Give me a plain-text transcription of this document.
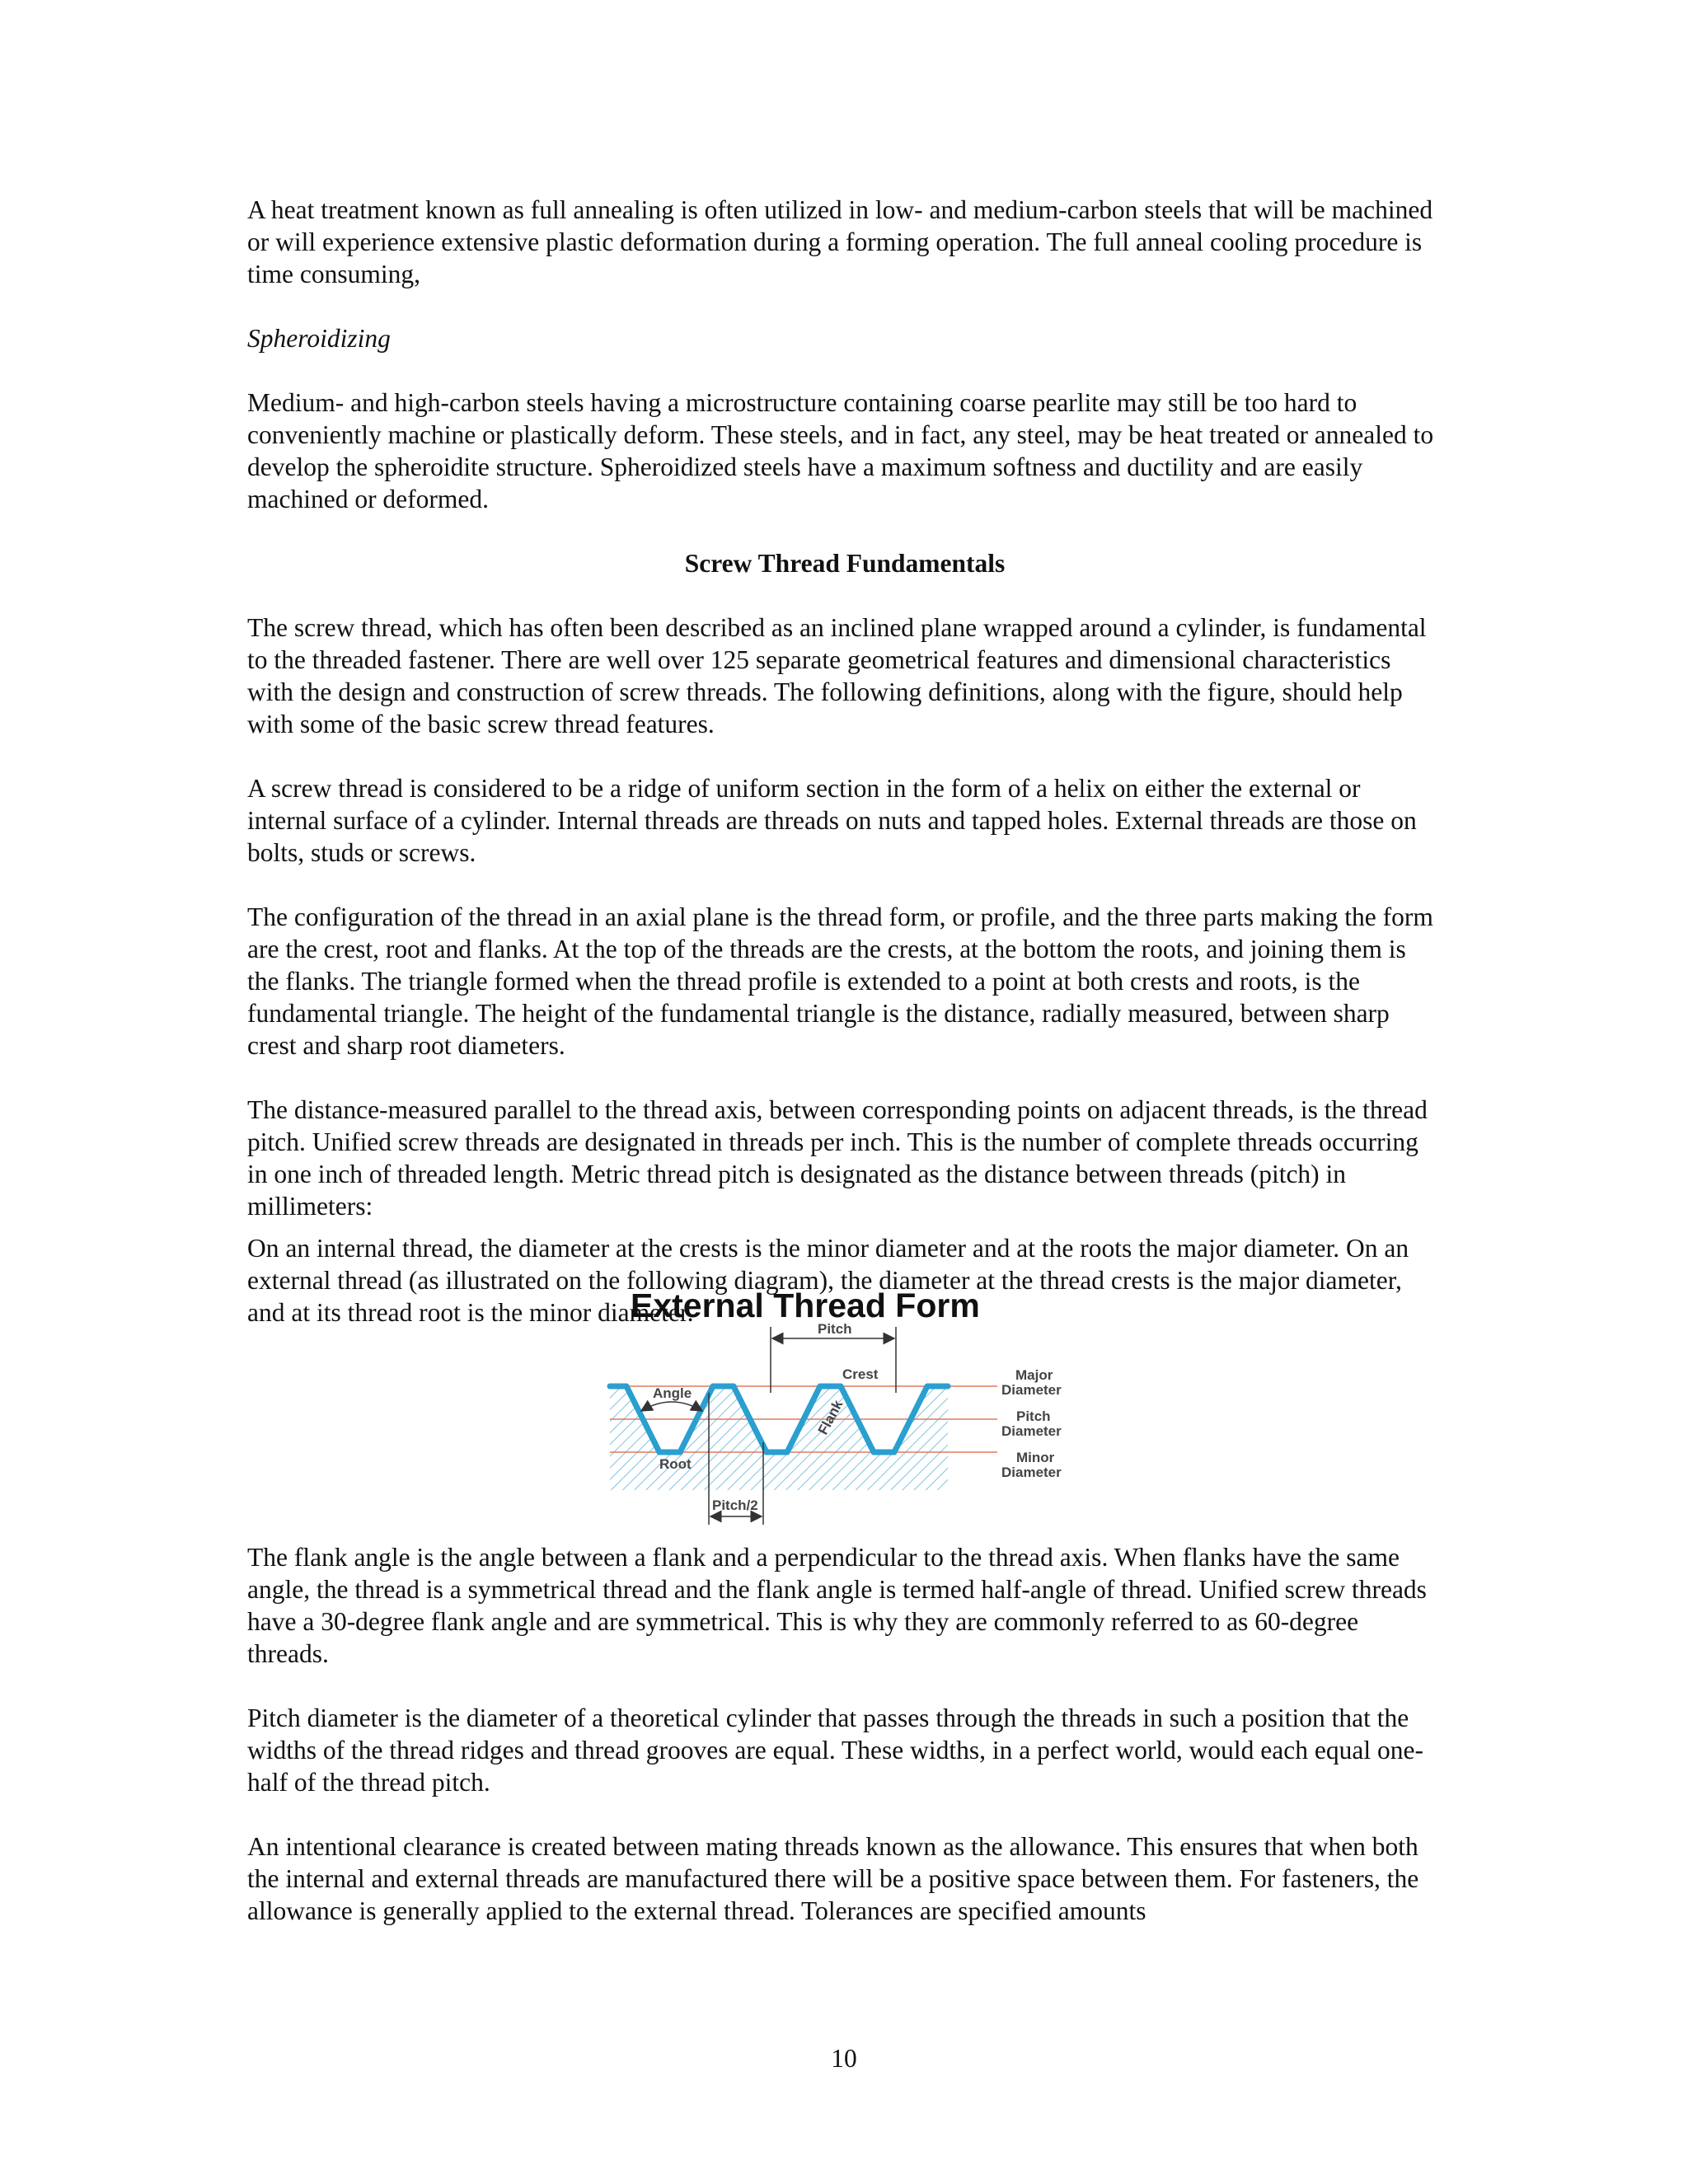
A heat treatment known as full annealing is often utilized in low- and medium-carbon steels that will be machined or will experience extensive plastic deformation during a forming operation. The full anneal cooling procedure is time consuming,

Spheroidizing

Medium- and high-carbon steels having a microstructure containing coarse pearlite may still be too hard to conveniently machine or plastically deform. These steels, and in fact, any steel, may be heat treated or annealed to develop the spheroidite structure. Spheroidized steels have a maximum softness and ductility and are easily machined or deformed.

Screw Thread Fundamentals

The screw thread, which has often been described as an inclined plane wrapped around a cylinder, is fundamental to the threaded fastener. There are well over 125 separate geometrical features and dimensional characteristics with the design and construction of screw threads. The following definitions, along with the figure, should help with some of the basic screw thread features.

A screw thread is considered to be a ridge of uniform section in the form of a helix on either the external or internal surface of a cylinder. Internal threads are threads on nuts and tapped holes. External threads are those on bolts, studs or screws.

The configuration of the thread in an axial plane is the thread form, or profile, and the three parts making the form are the crest, root and flanks. At the top of the threads are the crests, at the bottom the roots, and joining them is the flanks. The triangle formed when the thread profile is extended to a point at both crests and roots, is the fundamental triangle. The height of the fundamental triangle is the distance, radially measured, between sharp crest and sharp root diameters.

The distance-measured parallel to the thread axis, between corresponding points on adjacent threads, is the thread pitch. Unified screw threads are designated in threads per inch. This is the number of complete threads occurring in one inch of threaded length. Metric thread pitch is designated as the distance between threads (pitch) in millimeters:

On an internal thread, the diameter at the crests is the minor diameter and at the roots the major diameter. On an external thread (as illustrated on the following diagram), the diameter at the thread crests is the major diameter, and at its thread root is the minor diameter.

External Thread Form
Pitch
Crest
Angle
Flank
Root
Pitch/2
Major
Diameter
Pitch
Diameter
Minor
Diameter

The flank angle is the angle between a flank and a perpendicular to the thread axis. When flanks have the same angle, the thread is a symmetrical thread and the flank angle is termed half-angle of thread. Unified screw threads have a 30-degree flank angle and are symmetrical. This is why they are commonly referred to as 60-degree threads.

Pitch diameter is the diameter of a theoretical cylinder that passes through the threads in such a position that the widths of the thread ridges and thread grooves are equal. These widths, in a perfect world, would each equal one-half of the thread pitch.

An intentional clearance is created between mating threads known as the allowance. This ensures that when both the internal and external threads are manufactured there will be a positive space between them. For fasteners, the allowance is generally applied to the external thread. Tolerances are specified amounts

10
